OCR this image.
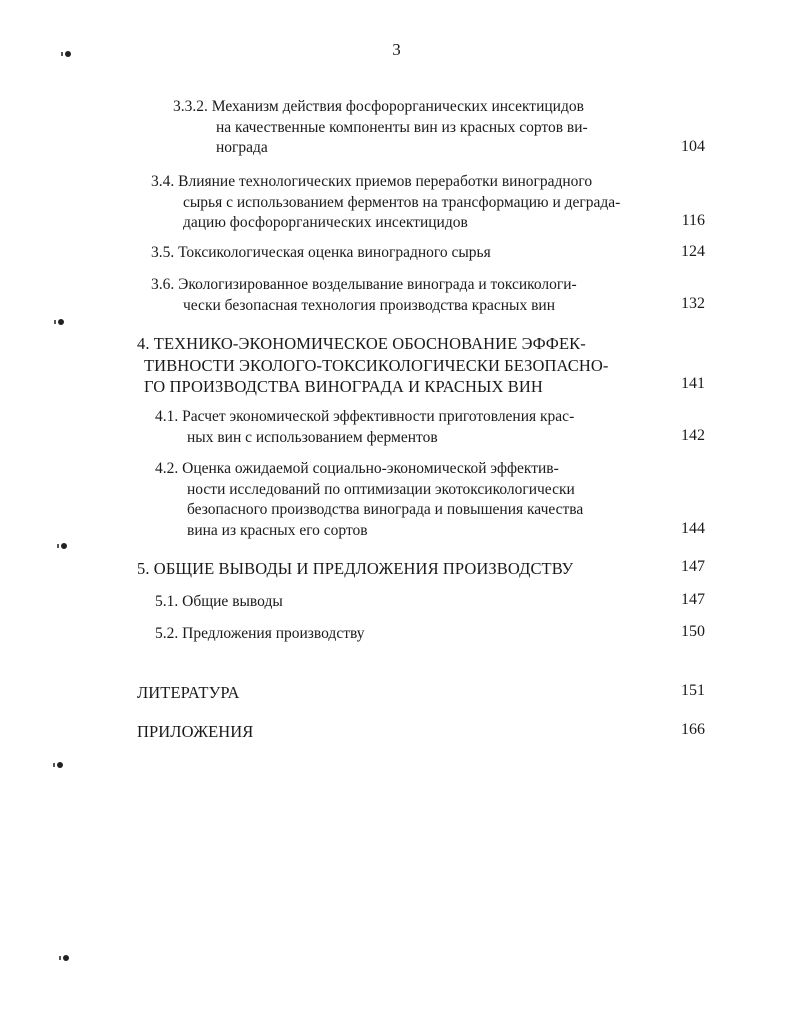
3
3.3.2. Механизм действия фосфорорганических инсектицидов
на качественные компоненты вин из красных сортов ви-
нограда	104
3.4. Влияние технологических приемов переработки виноградного
сырья с использованием ферментов на трансформацию и деграда-
дацию фосфорорганических инсектицидов	116
3.5. Токсикологическая оценка виноградного сырья	124
3.6. Экологизированное возделывание винограда и токсикологи-
чески безопасная технология производства красных вин	132
4. ТЕХНИКО-ЭКОНОМИЧЕСКОЕ ОБОСНОВАНИЕ ЭФФЕК-
ТИВНОСТИ ЭКОЛОГО-ТОКСИКОЛОГИЧЕСКИ БЕЗОПАСНО-
ГО ПРОИЗВОДСТВА ВИНОГРАДА И КРАСНЫХ ВИН	141
4.1. Расчет экономической эффективности приготовления крас-
ных вин с использованием ферментов	142
4.2. Оценка ожидаемой социально-экономической эффектив-
ности исследований по оптимизации экотоксикологически
безопасного производства винограда и повышения качества
вина из красных его сортов	144
5. ОБЩИЕ ВЫВОДЫ И ПРЕДЛОЖЕНИЯ ПРОИЗВОДСТВУ	147
5.1. Общие выводы	147
5.2. Предложения производству	150
ЛИТЕРАТУРА	151
ПРИЛОЖЕНИЯ	166
